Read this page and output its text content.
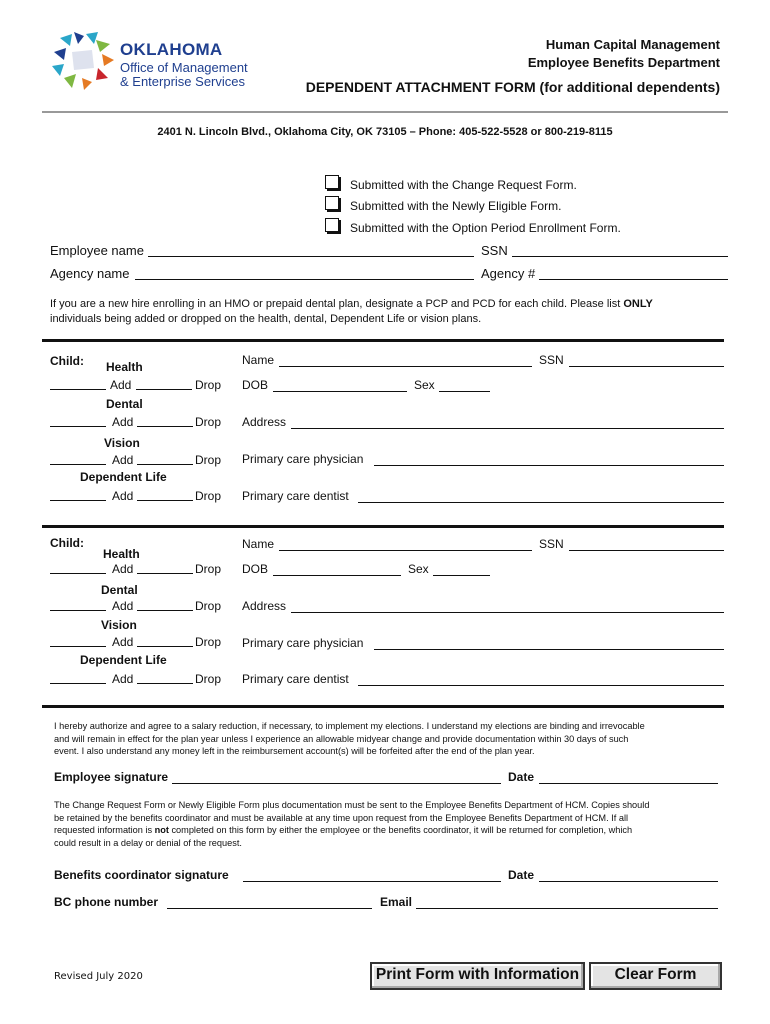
OKLAHOMA
Office of Management
& Enterprise Services
Human Capital Management
Employee Benefits Department
DEPENDENT ATTACHMENT FORM (for additional dependents)
2401 N. Lincoln Blvd., Oklahoma City, OK 73105 – Phone: 405-522-5528 or 800-219-8115
Submitted with the Change Request Form.
Submitted with the Newly Eligible Form.
Submitted with the Option Period Enrollment Form.
Employee name	SSN
Agency name	Agency #
If you are a new hire enrolling in an HMO or prepaid dental plan, designate a PCP and PCD for each child. Please list ONLY
individuals being added or dropped on the health, dental, Dependent Life or vision plans.
Child: Health
Add	Drop
Dental
Add	Drop
Vision
Add	Drop
Dependent Life
Add	Drop
Name	SSN
DOB	Sex
Address
Primary care physician
Primary care dentist
Child:
Health
Add	Drop
Dental
Add	Drop
Vision
Add	Drop
Dependent Life
Add	Drop
Name	SSN
DOB	Sex
Address
Primary care physician
Primary care dentist
I hereby authorize and agree to a salary reduction, if necessary, to implement my elections. I understand my elections are binding and irrevocable
and will remain in effect for the plan year unless I experience an allowable midyear change and provide documentation within 30 days of such
event. I also understand any money left in the reimbursement account(s) will be forfeited after the end of the plan year.
Employee signature	Date
The Change Request Form or Newly Eligible Form plus documentation must be sent to the Employee Benefits Department of HCM. Copies should
be retained by the benefits coordinator and must be available at any time upon request from the Employee Benefits Department of HCM. If all
requested information is not completed on this form by either the employee or the benefits coordinator, it will be returned for completion, which
could result in a delay or denial of the request.
Benefits coordinator signature	Date
BC phone number	Email
Revised July 2020	Print Form with Information	Clear Form
